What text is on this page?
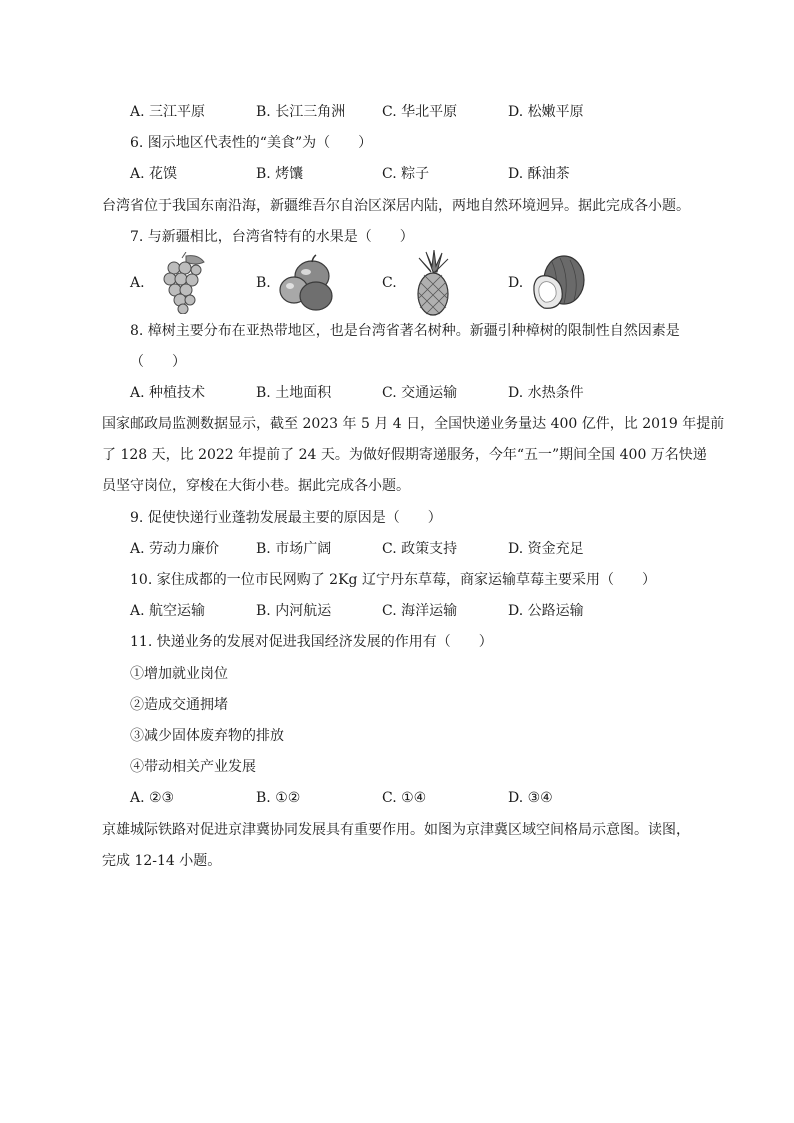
A. 三江平原	B. 长江三角洲	C. 华北平原	D. 松嫩平原
6. 图示地区代表性的“美食”为（　　）
A. 花馍	B. 烤馕	C. 粽子	D. 酥油茶
台湾省位于我国东南沿海，新疆维吾尔自治区深居内陆，两地自然环境迥异。据此完成各小题。
7. 与新疆相比，台湾省特有的水果是（　　）
A.	B.	C.	D.
8. 樟树主要分布在亚热带地区，也是台湾省著名树种。新疆引种樟树的限制性自然因素是
（　　）
A. 种植技术	B. 土地面积	C. 交通运输	D. 水热条件
国家邮政局监测数据显示，截至 2023 年 5 月 4 日，全国快递业务量达 400 亿件，比 2019 年提前
了 128 天，比 2022 年提前了 24 天。为做好假期寄递服务，今年“五一”期间全国 400 万名快递
员坚守岗位，穿梭在大街小巷。据此完成各小题。
9. 促使快递行业蓬勃发展最主要的原因是（　　）
A. 劳动力廉价	B. 市场广阔	C. 政策支持	D. 资金充足
10. 家住成都的一位市民网购了 2Kg 辽宁丹东草莓，商家运输草莓主要采用（　　）
A. 航空运输	B. 内河航运	C. 海洋运输	D. 公路运输
11. 快递业务的发展对促进我国经济发展的作用有（　　）
①增加就业岗位
②造成交通拥堵
③减少固体废弃物的排放
④带动相关产业发展
A. ②③	B. ①②	C. ①④	D. ③④
京雄城际铁路对促进京津冀协同发展具有重要作用。如图为京津冀区域空间格局示意图。读图，
完成 12-14 小题。
